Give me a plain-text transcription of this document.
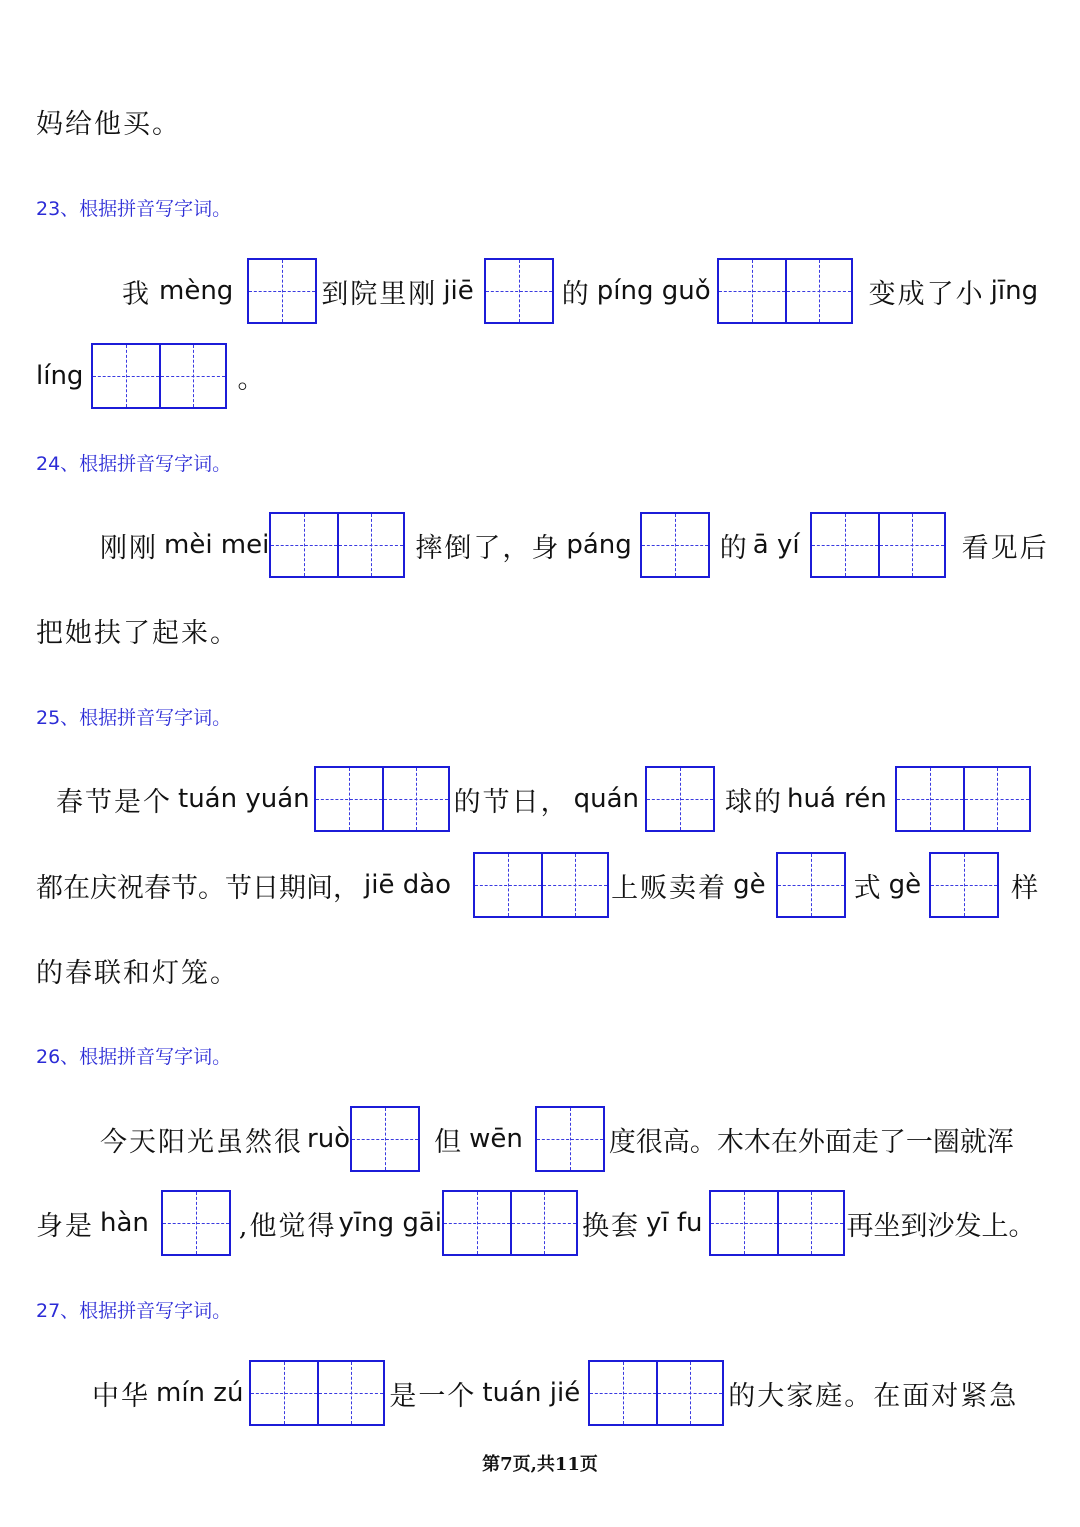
妈给他买。
23、根据拼音写字词。
我 mèng	到院里刚 jiē	的 píng guǒ	变成了小 jīng
líng	。
24、根据拼音写字词。
刚刚 mèi mei	摔倒了，身 páng	的 ā yí	看见后
把她扶了起来。
25、根据拼音写字词。
春节是个 tuán yuán	的节日， quán	球的 huá rén
都在庆祝春节。节日期间， jiē dào	上贩卖着 gè	式 gè	样
的春联和灯笼。
26、根据拼音写字词。
今天阳光虽然很 ruò	但 wēn	度很高。木木在外面走了一圈就浑
身是 hàn	,他觉得 yīng gāi	换套 yī fu	再坐到沙发上。
27、根据拼音写字词。
中华 mín zú	是一个 tuán jié	的大家庭。在面对紧急
第7页,共11页
